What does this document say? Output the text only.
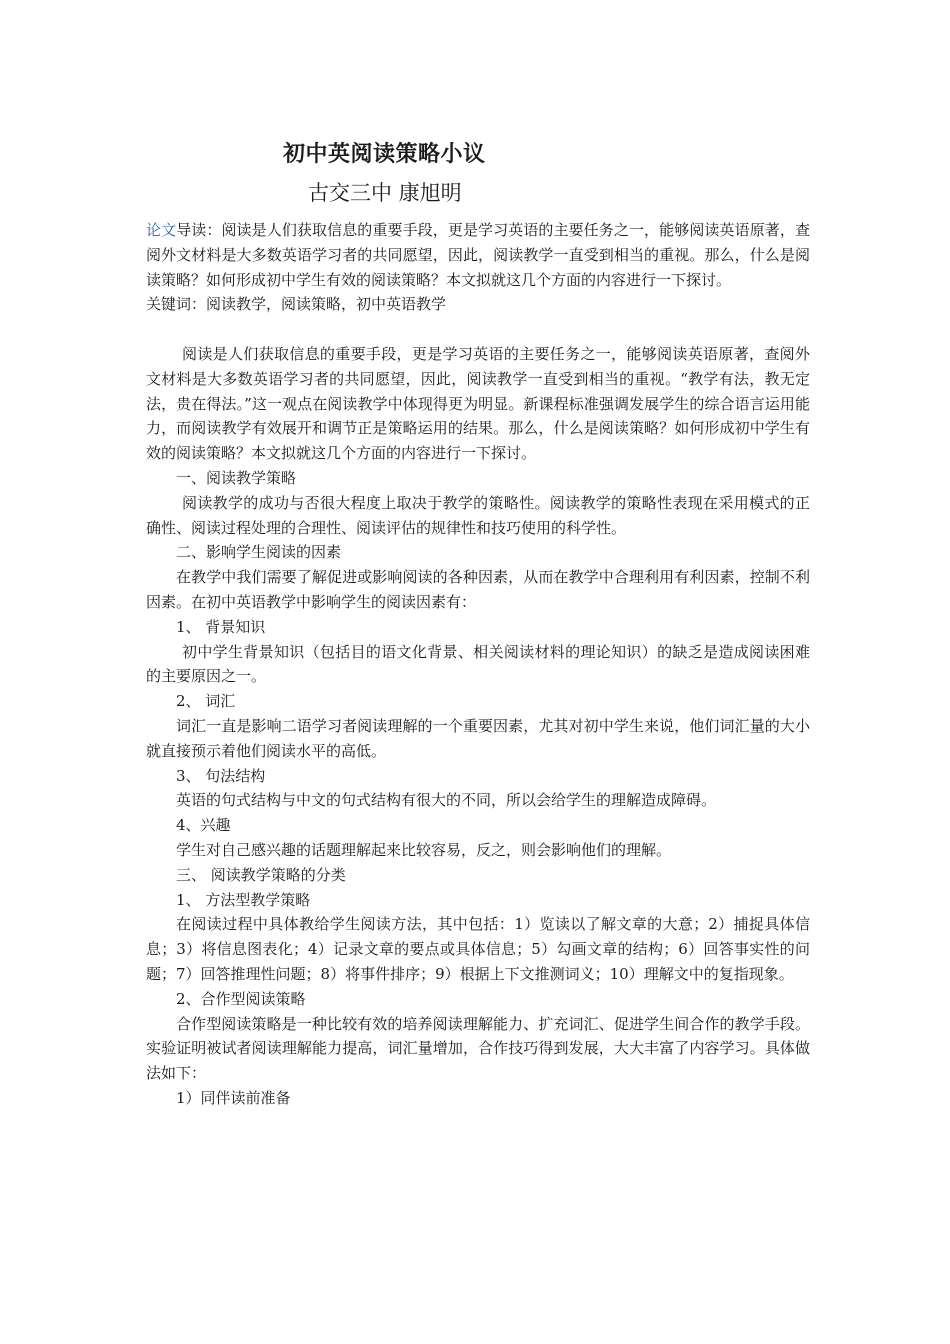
初中英阅读策略小议
古交三中 康旭明

论文导读：阅读是人们获取信息的重要手段，更是学习英语的主要任务之一，能够阅读英语原著，查阅外文材料是大多数英语学习者的共同愿望，因此，阅读教学一直受到相当的重视。那么，什么是阅读策略？如何形成初中学生有效的阅读策略？本文拟就这几个方面的内容进行一下探讨。

关键词：阅读教学，阅读策略，初中英语教学

阅读是人们获取信息的重要手段，更是学习英语的主要任务之一，能够阅读英语原著，查阅外文材料是大多数英语学习者的共同愿望，因此，阅读教学一直受到相当的重视。“教学有法，教无定法，贵在得法。”这一观点在阅读教学中体现得更为明显。新课程标准强调发展学生的综合语言运用能力，而阅读教学有效展开和调节正是策略运用的结果。那么，什么是阅读策略？如何形成初中学生有效的阅读策略？本文拟就这几个方面的内容进行一下探讨。

一、阅读教学策略

阅读教学的成功与否很大程度上取决于教学的策略性。阅读教学的策略性表现在采用模式的正确性、阅读过程处理的合理性、阅读评估的规律性和技巧使用的科学性。

二、影响学生阅读的因素

在教学中我们需要了解促进或影响阅读的各种因素，从而在教学中合理利用有利因素，控制不利因素。在初中英语教学中影响学生的阅读因素有：

1、 背景知识

初中学生背景知识（包括目的语文化背景、相关阅读材料的理论知识）的缺乏是造成阅读困难的主要原因之一。

2、 词汇

词汇一直是影响二语学习者阅读理解的一个重要因素，尤其对初中学生来说，他们词汇量的大小就直接预示着他们阅读水平的高低。

3、 句法结构

英语的句式结构与中文的句式结构有很大的不同，所以会给学生的理解造成障碍。

4、兴趣

学生对自己感兴趣的话题理解起来比较容易，反之，则会影响他们的理解。

三、 阅读教学策略的分类

1、 方法型教学策略

在阅读过程中具体教给学生阅读方法，其中包括：1）览读以了解文章的大意；2）捕捉具体信息；3）将信息图表化；4）记录文章的要点或具体信息；5）勾画文章的结构；6）回答事实性的问题；7）回答推理性问题；8）将事件排序；9）根据上下文推测词义；10）理解文中的复指现象。

2、合作型阅读策略

合作型阅读策略是一种比较有效的培养阅读理解能力、扩充词汇、促进学生间合作的教学手段。实验证明被试者阅读理解能力提高，词汇量增加，合作技巧得到发展，大大丰富了内容学习。具体做法如下：

1）同伴读前准备
